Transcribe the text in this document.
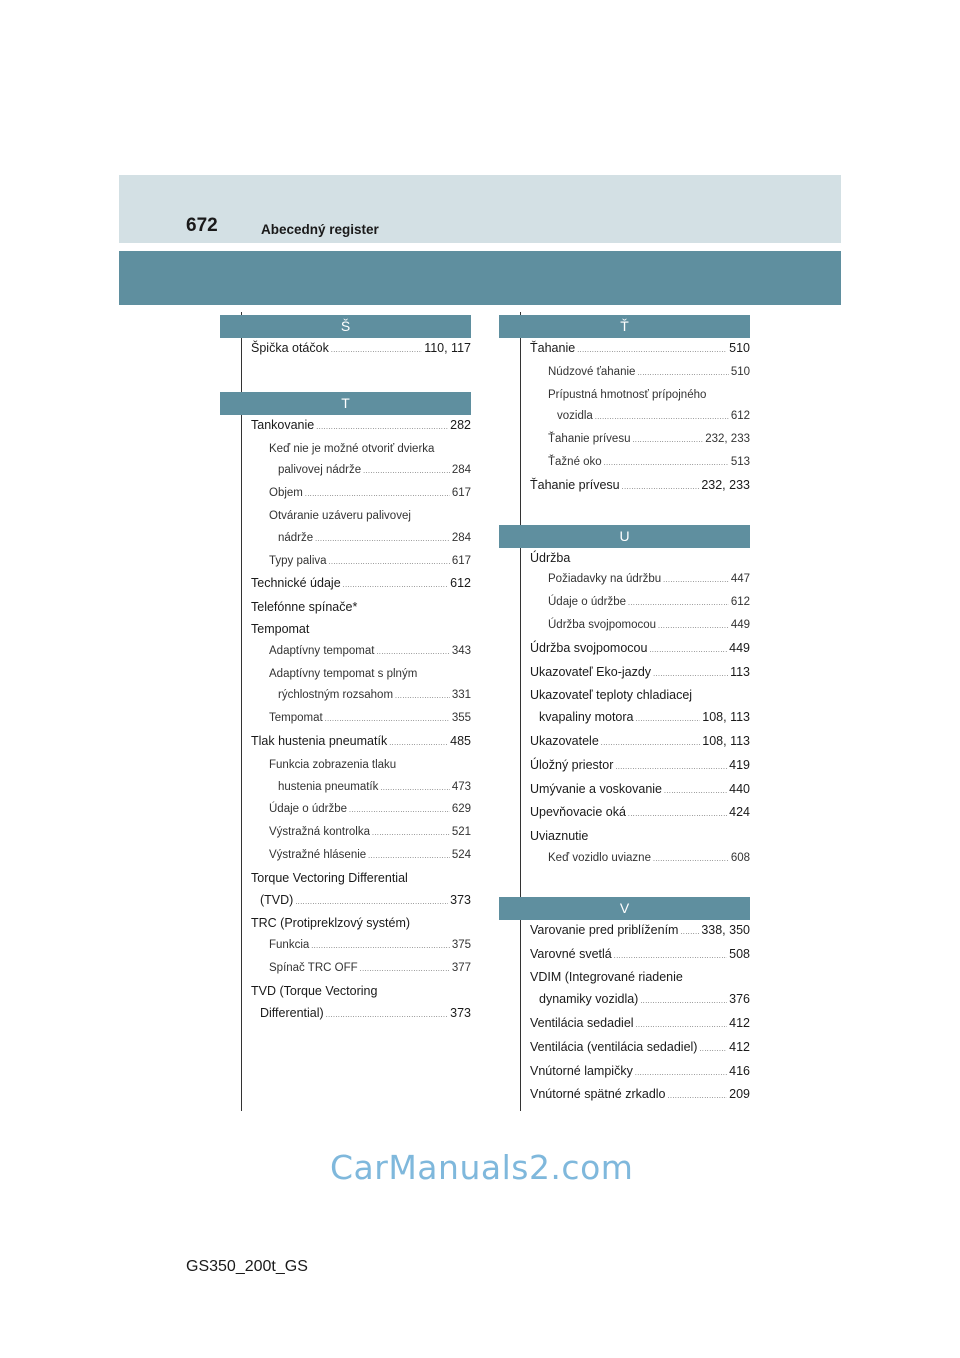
672	Abecedný register
Š
Špička otáčok .....	110, 117
T
Tankovanie .....	282
Keď nie je možné otvoriť dvierka
palivovej nádrže .....	284
Objem .....	617
Otváranie uzáveru palivovej
nádrže .....	284
Typy paliva .....	617
Technické údaje .....	612
Telefónne spínače*
Tempomat
Adaptívny tempomat .....	343
Adaptívny tempomat s plným
rýchlostným rozsahom .....	331
Tempomat .....	355
Tlak hustenia pneumatík .....	485
Funkcia zobrazenia tlaku
hustenia pneumatík .....	473
Údaje o údržbe .....	629
Výstražná kontrolka .....	521
Výstražné hlásenie .....	524
Torque Vectoring Differential
(TVD) .....	373
TRC (Protipreklzový systém)
Funkcia .....	375
Spínač TRC OFF .....	377
TVD (Torque Vectoring
Differential) .....	373
Ť
Ťahanie .....	510
Núdzové ťahanie .....	510
Prípustná hmotnosť prípojného
vozidla .....	612
Ťahanie prívesu .....	232, 233
Ťažné oko .....	513
Ťahanie prívesu .....	232, 233
U
Údržba
Požiadavky na údržbu .....	447
Údaje o údržbe .....	612
Údržba svojpomocou .....	449
Údržba svojpomocou .....	449
Ukazovateľ Eko-jazdy .....	113
Ukazovateľ teploty chladiacej
kvapaliny motora .....	108, 113
Ukazovatele .....	108, 113
Úložný priestor .....	419
Umývanie a voskovanie .....	440
Upevňovacie oká .....	424
Uviaznutie
Keď vozidlo uviazne .....	608
V
Varovanie pred priblížením ..... 338, 350
Varovné svetlá .....	508
VDIM (Integrované riadenie
dynamiky vozidla) .....	376
Ventilácia sedadiel .....	412
Ventilácia (ventilácia sedadiel) .....	412
Vnútorné lampičky .....	416
Vnútorné spätné zrkadlo .....	209
CarManuals2.com
GS350_200t_GS
